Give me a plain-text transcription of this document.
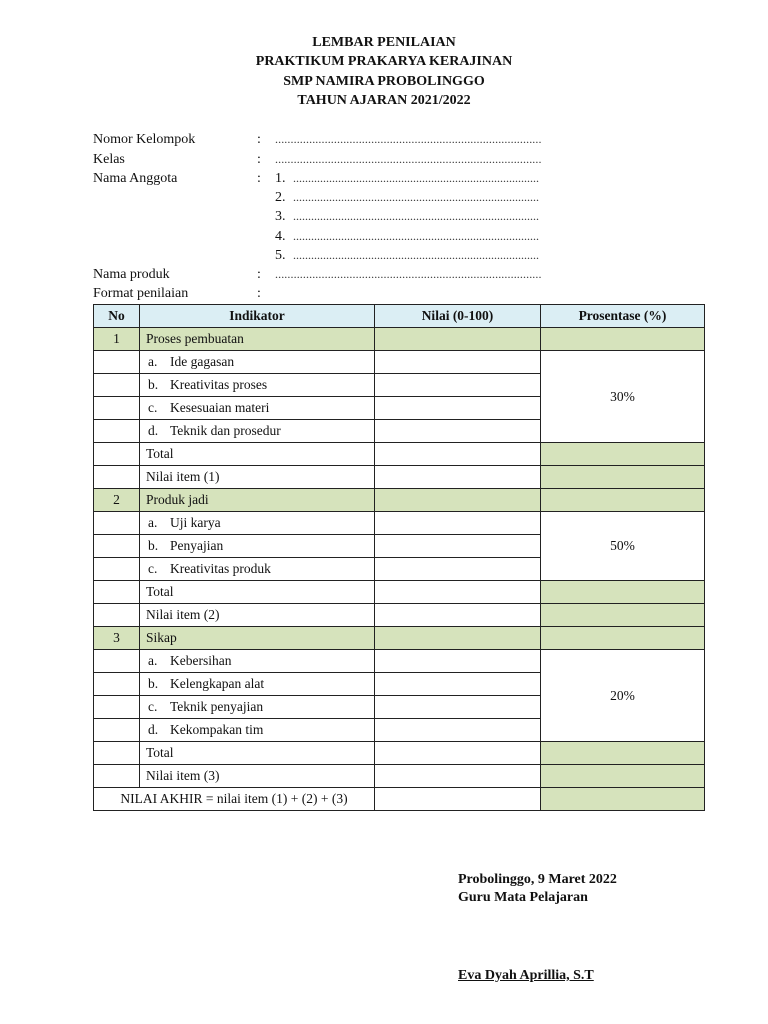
LEMBAR PENILAIAN
PRAKTIKUM PRAKARYA KERAJINAN
SMP NAMIRA PROBOLINGGO
TAHUN AJARAN 2021/2022
Nomor Kelompok	: ......................................................................................
Kelas	: ......................................................................................
Nama Anggota	: 1. ..................................................................................
2. ..................................................................................
3. ..................................................................................
4. ..................................................................................
5. ..................................................................................
Nama produk	: ......................................................................................
Format penilaian	:
No	Indikator	Nilai (0-100)	Prosentase (%)
1	Proses pembuatan		
	a. Ide gagasan		30%
	b. Kreativitas proses		
	c. Kesesuaian materi		
	d. Teknik dan prosedur		
	Total		
	Nilai item (1)		
2	Produk jadi		
	a. Uji karya		50%
	b. Penyajian		
	c. Kreativitas produk		
	Total		
	Nilai item (2)		
3	Sikap		
	a. Kebersihan		20%
	b. Kelengkapan alat		
	c. Teknik penyajian		
	d. Kekompakan tim		
	Total		
	Nilai item (3)		
NILAI AKHIR = nilai item (1) + (2) + (3)			
Probolinggo, 9 Maret 2022
Guru Mata Pelajaran
Eva Dyah Aprillia, S.T
